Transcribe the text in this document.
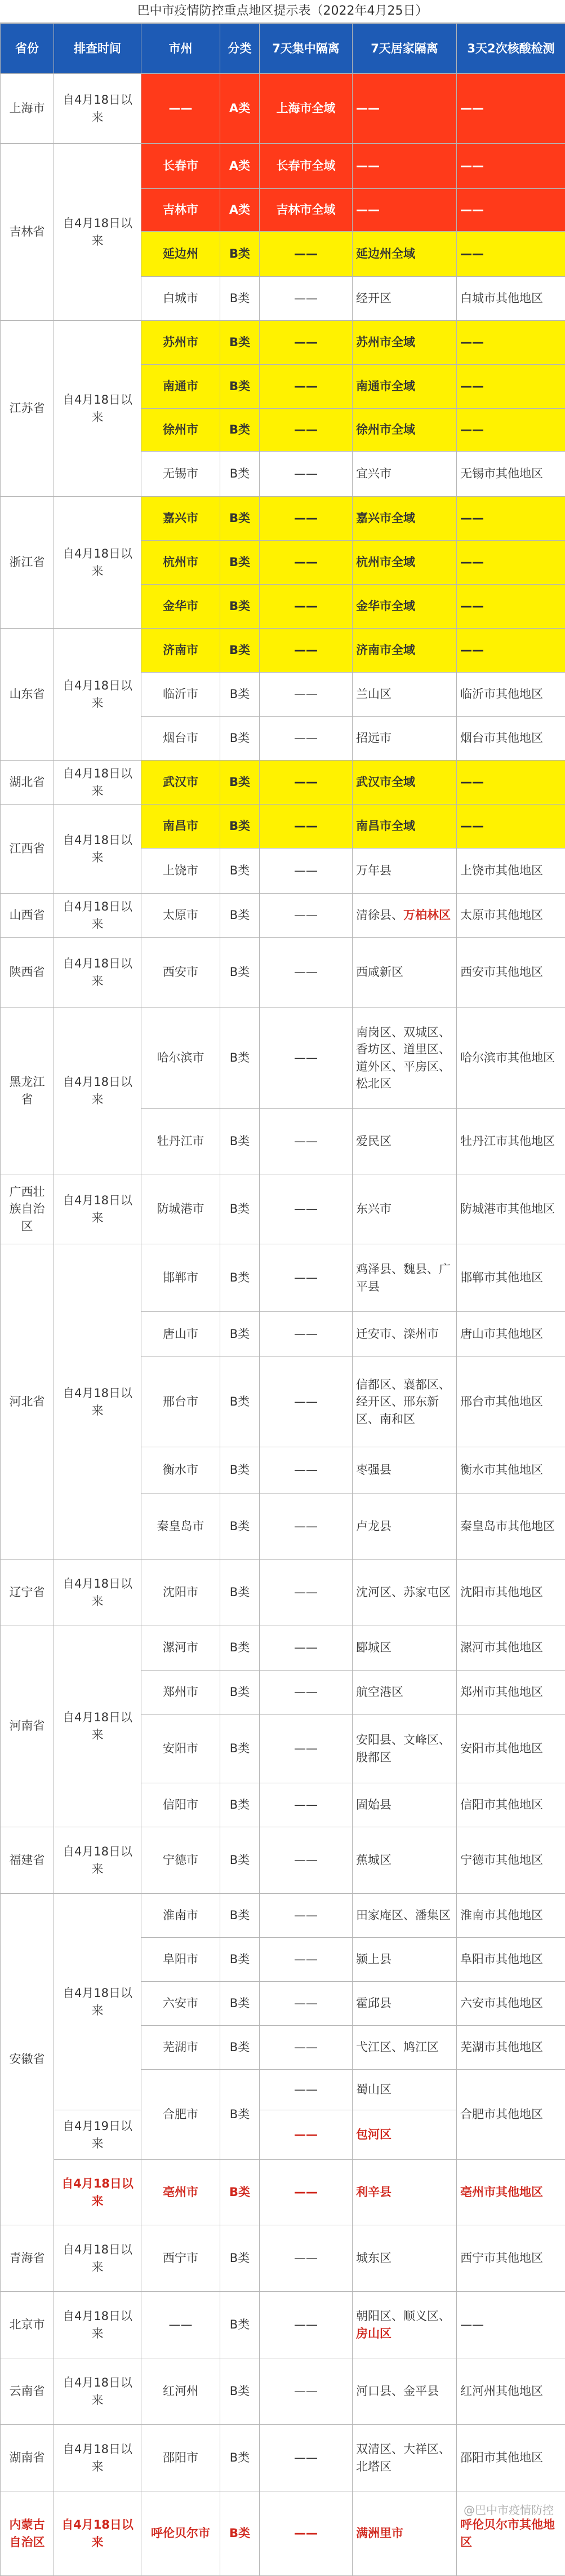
巴中市疫情防控重点地区提示表（2022年4月25日）
省份	排查时间	市州	分类	7天集中隔离	7天居家隔离	3天2次核酸检测
上海市	自4月18日以来	——	A类	上海市全域	——	——
吉林省	自4月18日以来	长春市	A类	长春市全域	——	——
		吉林市	A类	吉林市全域	——	——
		延边州	B类	——	延边州全域	——
		白城市	B类	——	经开区	白城市其他地区
江苏省	自4月18日以来	苏州市	B类	——	苏州市全域	——
		南通市	B类	——	南通市全域	——
		徐州市	B类	——	徐州市全域	——
		无锡市	B类	——	宜兴市	无锡市其他地区
浙江省	自4月18日以来	嘉兴市	B类	——	嘉兴市全域	——
		杭州市	B类	——	杭州市全域	——
		金华市	B类	——	金华市全域	——
山东省	自4月18日以来	济南市	B类	——	济南市全域	——
		临沂市	B类	——	兰山区	临沂市其他地区
		烟台市	B类	——	招远市	烟台市其他地区
湖北省	自4月18日以来	武汉市	B类	——	武汉市全域	——
江西省	自4月18日以来	南昌市	B类	——	南昌市全域	——
		上饶市	B类	——	万年县	上饶市其他地区
山西省	自4月18日以来	太原市	B类	——	清徐县、万柏林区	太原市其他地区
陕西省	自4月18日以来	西安市	B类	——	西咸新区	西安市其他地区
黑龙江省	自4月18日以来	哈尔滨市	B类	——	南岗区、双城区、香坊区、道里区、道外区、平房区、松北区	哈尔滨市其他地区
		牡丹江市	B类	——	爱民区	牡丹江市其他地区
广西壮族自治区	自4月18日以来	防城港市	B类	——	东兴市	防城港市其他地区
河北省	自4月18日以来	邯郸市	B类	——	鸡泽县、魏县、广平县	邯郸市其他地区
		唐山市	B类	——	迁安市、滦州市	唐山市其他地区
		邢台市	B类	——	信都区、襄都区、经开区、邢东新区、南和区	邢台市其他地区
		衡水市	B类	——	枣强县	衡水市其他地区
		秦皇岛市	B类	——	卢龙县	秦皇岛市其他地区
辽宁省	自4月18日以来	沈阳市	B类	——	沈河区、苏家屯区	沈阳市其他地区
河南省	自4月18日以来	漯河市	B类	——	郾城区	漯河市其他地区
		郑州市	B类	——	航空港区	郑州市其他地区
		安阳市	B类	——	安阳县、文峰区、殷都区	安阳市其他地区
		信阳市	B类	——	固始县	信阳市其他地区
福建省	自4月18日以来	宁德市	B类	——	蕉城区	宁德市其他地区
安徽省	自4月18日以来	淮南市	B类	——	田家庵区、潘集区	淮南市其他地区
		阜阳市	B类	——	颍上县	阜阳市其他地区
		六安市	B类	——	霍邱县	六安市其他地区
		芜湖市	B类	——	弋江区、鸠江区	芜湖市其他地区
		合肥市	B类	——	蜀山区	合肥市其他地区
	自4月19日以来			——	包河区	
	自4月18日以来	亳州市	B类	——	利辛县	亳州市其他地区
青海省	自4月18日以来	西宁市	B类	——	城东区	西宁市其他地区
北京市	自4月18日以来	——	B类	——	朝阳区、顺义区、房山区	——
云南省	自4月18日以来	红河州	B类	——	河口县、金平县	红河州其他地区
湖南省	自4月18日以来	邵阳市	B类	——	双清区、大祥区、北塔区	邵阳市其他地区
内蒙古自治区	自4月18日以来	呼伦贝尔市	B类	——	满洲里市	呼伦贝尔市其他地区
@巴中市疫情防控
